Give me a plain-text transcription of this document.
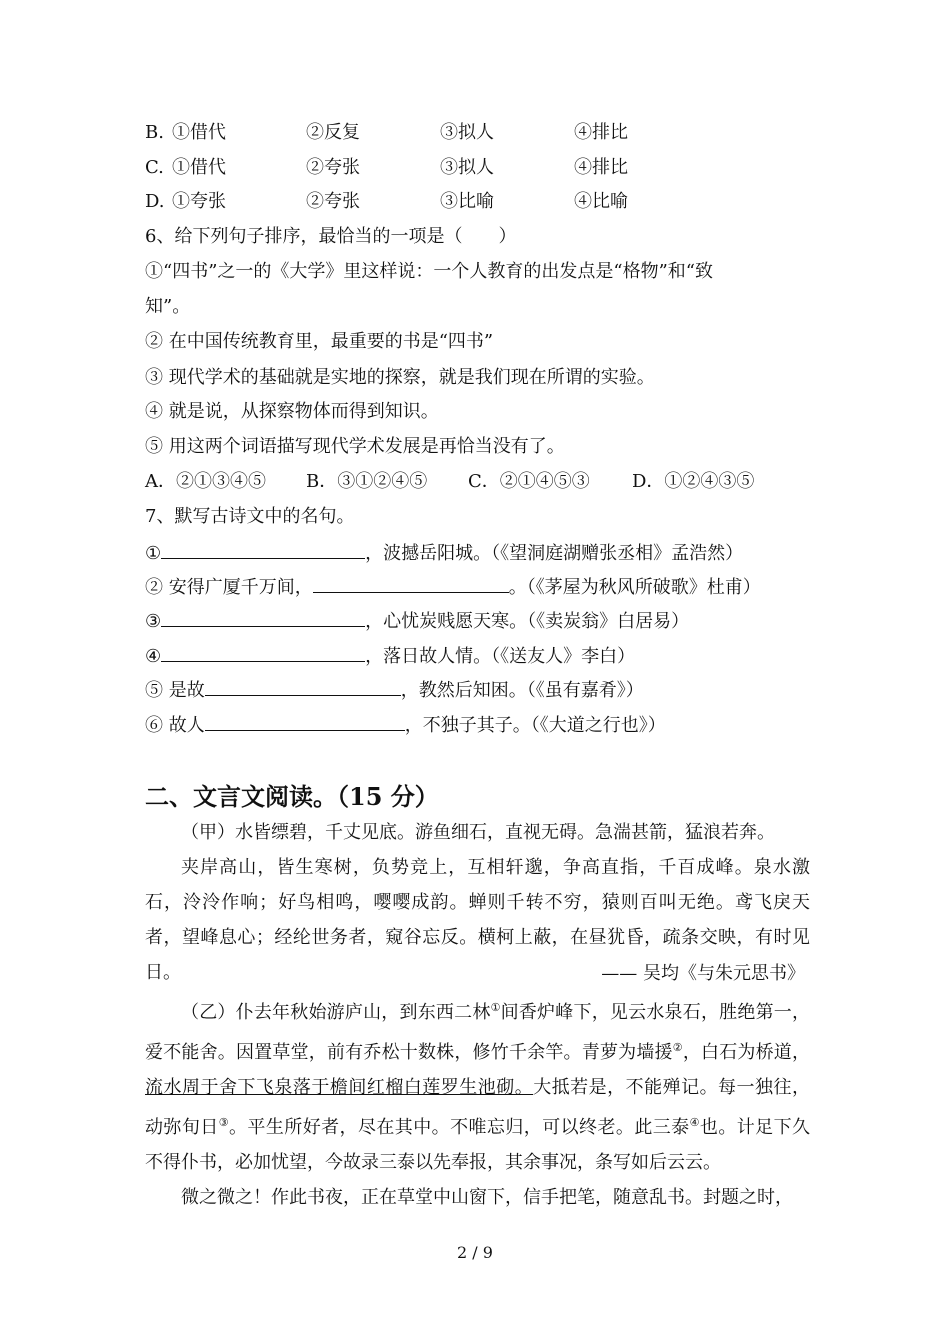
B. ①借代	②反复	③拟人	④排比
C. ①借代	②夸张	③拟人	④排比
D. ①夸张	②夸张	③比喻	④比喻
6、给下列句子排序，最恰当的一项是（　　）
①“四书”之一的《大学》里这样说：一个人教育的出发点是“格物”和“致
知”。
② 在中国传统教育里，最重要的书是“四书”
③ 现代学术的基础就是实地的探察，就是我们现在所谓的实验。
④ 就是说，从探察物体而得到知识。
⑤ 用这两个词语描写现代学术发展是再恰当没有了。
A．②①③④⑤ B．③①②④⑤ C．②①④⑤③ D．①②④③⑤
7、默写古诗文中的名句。
①	，波撼岳阳城。（《望洞庭湖赠张丞相》孟浩然）
② 安得广厦千万间，	。（《茅屋为秋风所破歌》杜甫）
③	，心忧炭贱愿天寒。（《卖炭翁》白居易）
④	，落日故人情。（《送友人》李白）
⑤ 是故	，教然后知困。（《虽有嘉肴》）
⑥ 故人	，不独子其子。（《大道之行也》）
二、文言文阅读。（15 分）

（甲）水皆缥碧，千丈见底。游鱼细石，直视无碍。急湍甚箭，猛浪若奔。

夹岸高山，皆生寒树，负势竞上，互相轩邈，争高直指，千百成峰。泉水激石，泠泠作响；好鸟相鸣，嘤嘤成韵。蝉则千转不穷，猿则百叫无绝。鸢飞戾天者，望峰息心；经纶世务者，窥谷忘反。横柯上蔽，在昼犹昏，疏条交映，有时见日。	—— 吴均《与朱元思书》

（乙）仆去年秋始游庐山，到东西二林①间香炉峰下，见云水泉石，胜绝第一，爱不能舍。因置草堂，前有乔松十数株，修竹千余竿。青萝为墙援②，白石为桥道，流水周于舍下飞泉落于檐间红榴白莲罗生池砌。大抵若是，不能殚记。每一独往，动弥旬日③。平生所好者，尽在其中。不唯忘归，可以终老。此三泰④也。计足下久不得仆书，必加忧望，今故录三泰以先奉报，其余事况，条写如后云云。

微之微之！作此书夜，正在草堂中山窗下，信手把笔，随意乱书。封题之时，

2 / 9
